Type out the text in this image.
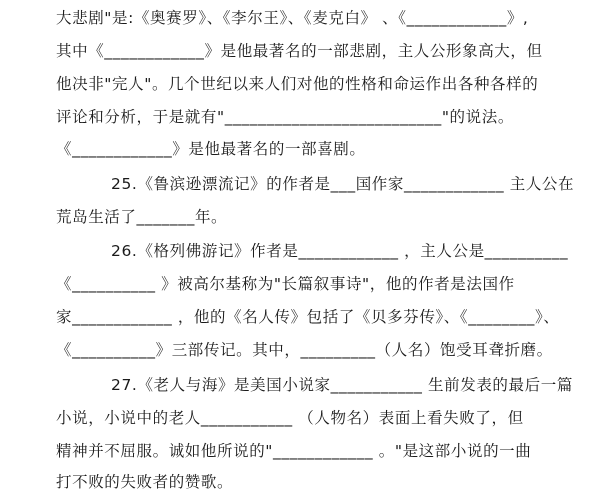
大悲剧"是:《奥赛罗》、《李尔王》、《麦克白》 、《____________》,
其中《____________》是他最著名的一部悲剧，主人公形象高大，但
他决非"完人"。几个世纪以来人们对他的性格和命运作出各种各样的
评论和分析，于是就有"__________________________"的说法。
《____________》是他最著名的一部喜剧。
25.《鲁滨逊漂流记》的作者是___国作家____________ 主人公在
荒岛生活了_______年。
26.《格列佛游记》作者是____________ ，主人公是__________
《__________ 》被高尔基称为"长篇叙事诗"，他的作者是法国作
家____________ ，他的《名人传》包括了《贝多芬传》、《________》、
《__________》三部传记。其中，_________（人名）饱受耳聋折磨。
27.《老人与海》是美国小说家___________ 生前发表的最后一篇
小说，小说中的老人___________ （人物名）表面上看失败了，但
精神并不屈服。诚如他所说的"____________ 。"是这部小说的一曲
打不败的失败者的赞歌。
